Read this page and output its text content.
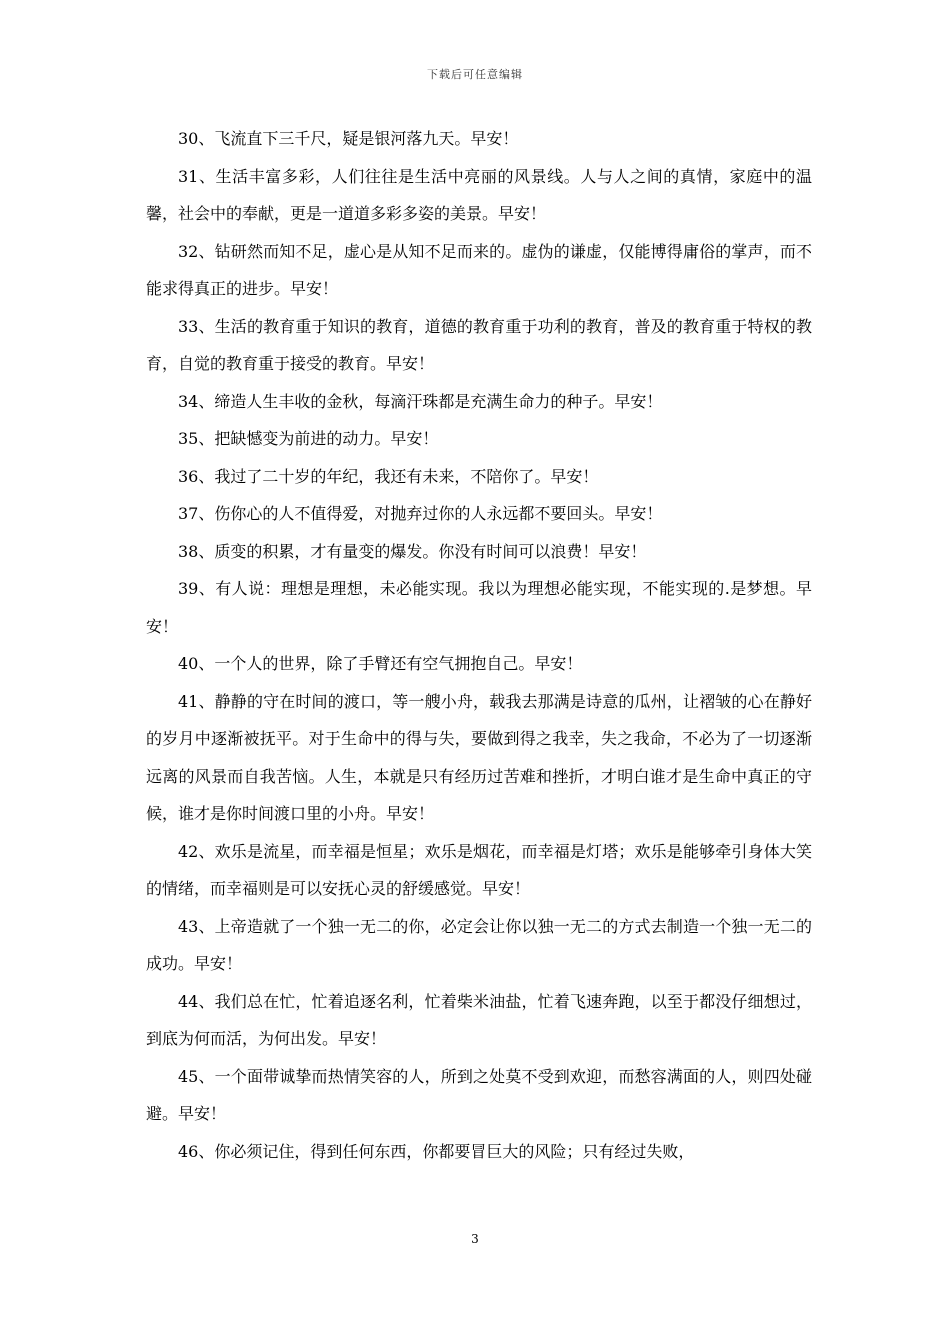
下载后可任意编辑

30、飞流直下三千尺，疑是银河落九天。早安！

31、生活丰富多彩，人们往往是生活中亮丽的风景线。人与人之间的真情，家庭中的温馨，社会中的奉献，更是一道道多彩多姿的美景。早安！

32、钻研然而知不足，虚心是从知不足而来的。虚伪的谦虚，仅能博得庸俗的掌声，而不能求得真正的进步。早安！

33、生活的教育重于知识的教育，道德的教育重于功利的教育，普及的教育重于特权的教育，自觉的教育重于接受的教育。早安！

34、缔造人生丰收的金秋，每滴汗珠都是充满生命力的种子。早安！

35、把缺憾变为前进的动力。早安！

36、我过了二十岁的年纪，我还有未来，不陪你了。早安！

37、伤你心的人不值得爱，对抛弃过你的人永远都不要回头。早安！

38、质变的积累，才有量变的爆发。你没有时间可以浪费！早安！

39、有人说：理想是理想，未必能实现。我以为理想必能实现，不能实现的.是梦想。早安！

40、一个人的世界，除了手臂还有空气拥抱自己。早安！

41、静静的守在时间的渡口，等一艘小舟，载我去那满是诗意的瓜州，让褶皱的心在静好的岁月中逐渐被抚平。对于生命中的得与失，要做到得之我幸，失之我命，不必为了一切逐渐远离的风景而自我苦恼。人生，本就是只有经历过苦难和挫折，才明白谁才是生命中真正的守候，谁才是你时间渡口里的小舟。早安！

42、欢乐是流星，而幸福是恒星；欢乐是烟花，而幸福是灯塔；欢乐是能够牵引身体大笑的情绪，而幸福则是可以安抚心灵的舒缓感觉。早安！

43、上帝造就了一个独一无二的你，必定会让你以独一无二的方式去制造一个独一无二的成功。早安！

44、我们总在忙，忙着追逐名利，忙着柴米油盐，忙着飞速奔跑，以至于都没仔细想过，到底为何而活，为何出发。早安！

45、一个面带诚挚而热情笑容的人，所到之处莫不受到欢迎，而愁容满面的人，则四处碰避。早安！

46、你必须记住，得到任何东西，你都要冒巨大的风险；只有经过失败，

3
